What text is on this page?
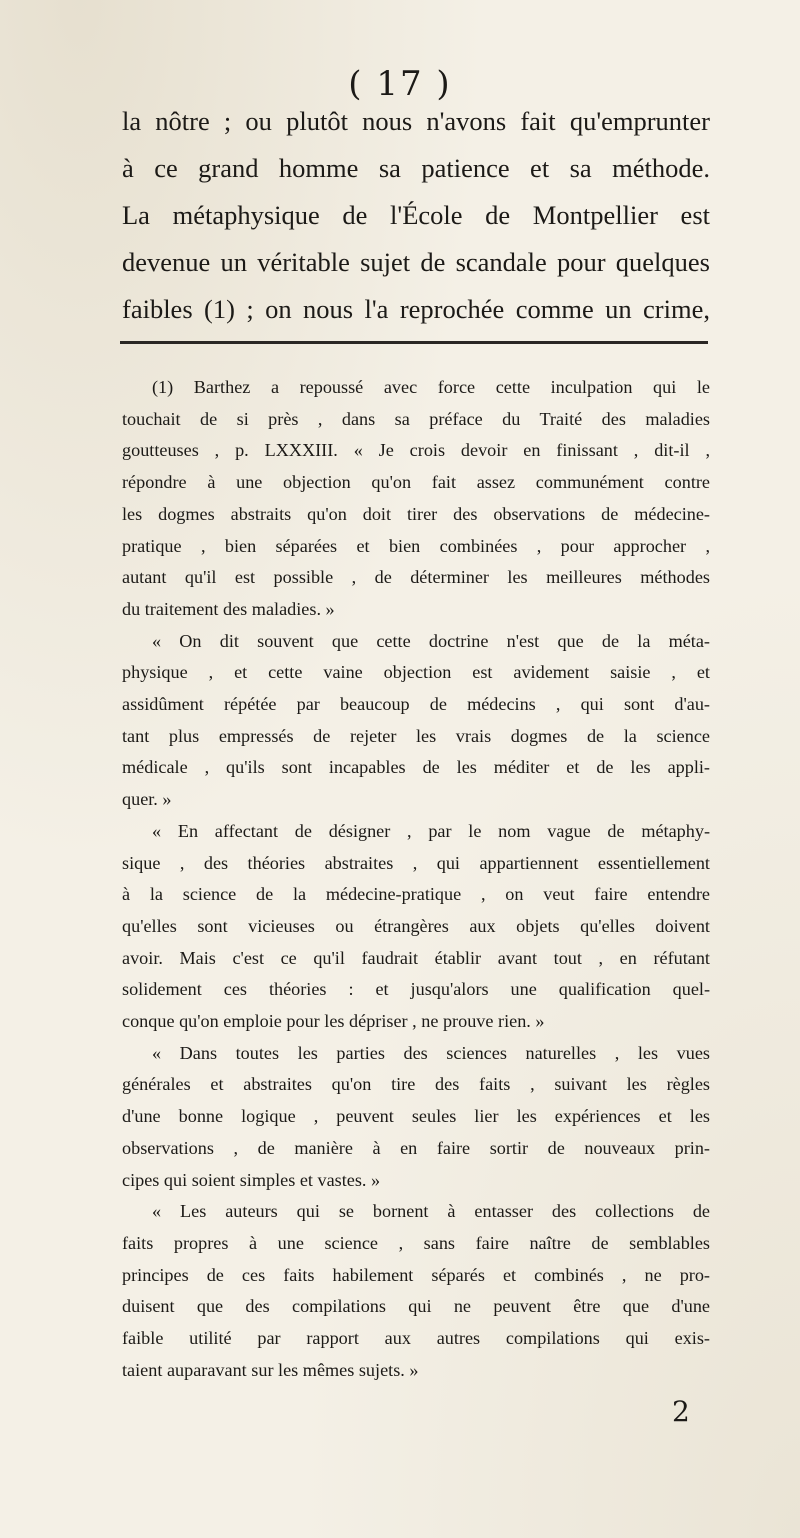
( 17 )
la nôtre ; ou plutôt nous n'avons fait qu'emprunter
à ce grand homme sa patience et sa méthode.
La métaphysique de l'École de Montpellier est
devenue un véritable sujet de scandale pour quelques
faibles (1) ; on nous l'a reprochée comme un crime,
(1) Barthez a repoussé avec force cette inculpation qui le
touchait de si près , dans sa préface du Traité des maladies
goutteuses , p. LXXXIII. « Je crois devoir en finissant , dit-il ,
répondre à une objection qu'on fait assez communément contre
les dogmes abstraits qu'on doit tirer des observations de médecine-
pratique , bien séparées et bien combinées , pour approcher ,
autant qu'il est possible , de déterminer les meilleures méthodes
du traitement des maladies. »
« On dit souvent que cette doctrine n'est que de la méta-
physique , et cette vaine objection est avidement saisie , et
assidûment répétée par beaucoup de médecins , qui sont d'au-
tant plus empressés de rejeter les vrais dogmes de la science
médicale , qu'ils sont incapables de les méditer et de les appli-
quer. »
« En affectant de désigner , par le nom vague de métaphy-
sique , des théories abstraites , qui appartiennent essentiellement
à la science de la médecine-pratique , on veut faire entendre
qu'elles sont vicieuses ou étrangères aux objets qu'elles doivent
avoir. Mais c'est ce qu'il faudrait établir avant tout , en réfutant
solidement ces théories : et jusqu'alors une qualification quel-
conque qu'on emploie pour les dépriser , ne prouve rien. »
« Dans toutes les parties des sciences naturelles , les vues
générales et abstraites qu'on tire des faits , suivant les règles
d'une bonne logique , peuvent seules lier les expériences et les
observations , de manière à en faire sortir de nouveaux prin-
cipes qui soient simples et vastes. »
« Les auteurs qui se bornent à entasser des collections de
faits propres à une science , sans faire naître de semblables
principes de ces faits habilement séparés et combinés , ne pro-
duisent que des compilations qui ne peuvent être que d'une
faible utilité par rapport aux autres compilations qui exis-
taient auparavant sur les mêmes sujets. »
2
